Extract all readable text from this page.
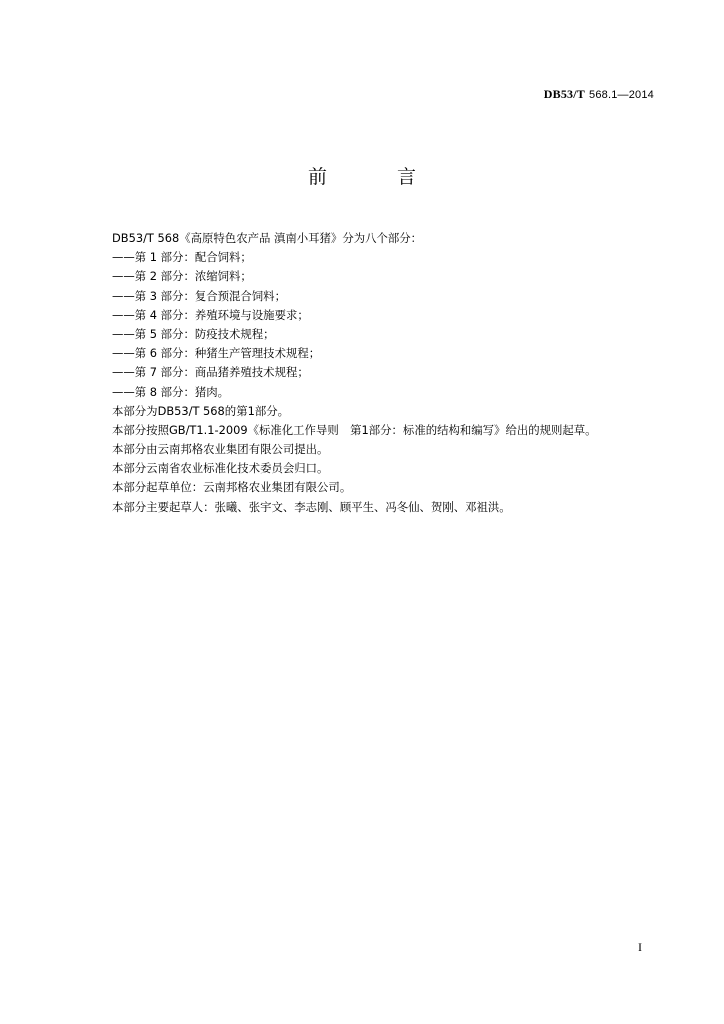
DB53/T 568.1—2014
前 言
DB53/T 568《高原特色农产品 滇南小耳猪》分为八个部分：
——第 1 部分：配合饲料；
——第 2 部分：浓缩饲料；
——第 3 部分：复合预混合饲料；
——第 4 部分：养殖环境与设施要求；
——第 5 部分：防疫技术规程；
——第 6 部分：种猪生产管理技术规程；
——第 7 部分：商品猪养殖技术规程；
——第 8 部分：猪肉。
本部分为DB53/T 568的第1部分。
本部分按照GB/T1.1-2009《标准化工作导则　第1部分：标准的结构和编写》给出的规则起草。
本部分由云南邦格农业集团有限公司提出。
本部分云南省农业标准化技术委员会归口。
本部分起草单位：云南邦格农业集团有限公司。
本部分主要起草人：张曦、张宇文、李志刚、顾平生、冯冬仙、贺刚、邓祖洪。
I
